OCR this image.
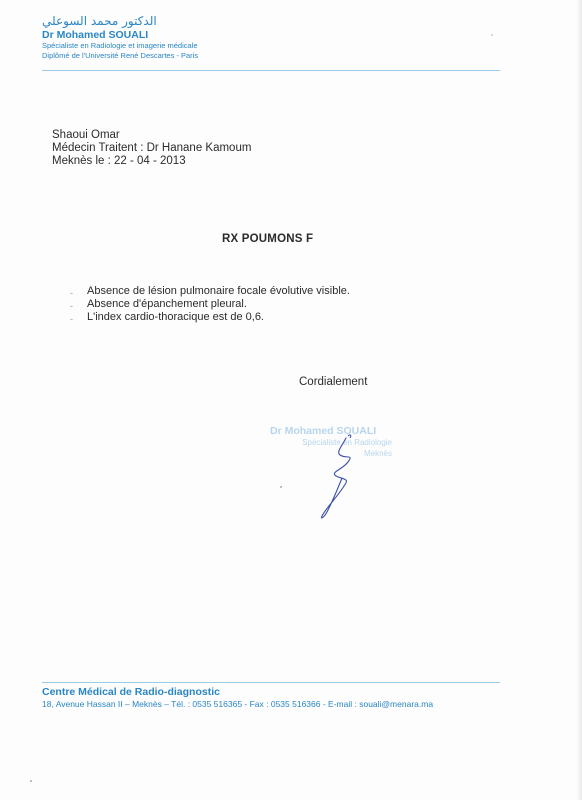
الدكتور محمد السوعلي
Dr Mohamed SOUALI
Spécialiste en Radiologie et imagerie médicale
Diplômé de l'Université René Descartes - Paris
Shaoui Omar
Médecin Traitent : Dr Hanane Kamoum
Meknès le : 22 - 04 - 2013
RX POUMONS F
- Absence de lésion pulmonaire focale évolutive visible.
- Absence d'épanchement pleural.
- L'index cardio-thoracique est de 0,6.
Cordialement
Dr Mohamed SOUALI
Spécialiste en Radiologie
Meknès
Centre Médical de Radio-diagnostic
18, Avenue Hassan II – Meknès – Tél. : 0535 516365 - Fax : 0535 516366 - E-mail : souali@menara.ma
